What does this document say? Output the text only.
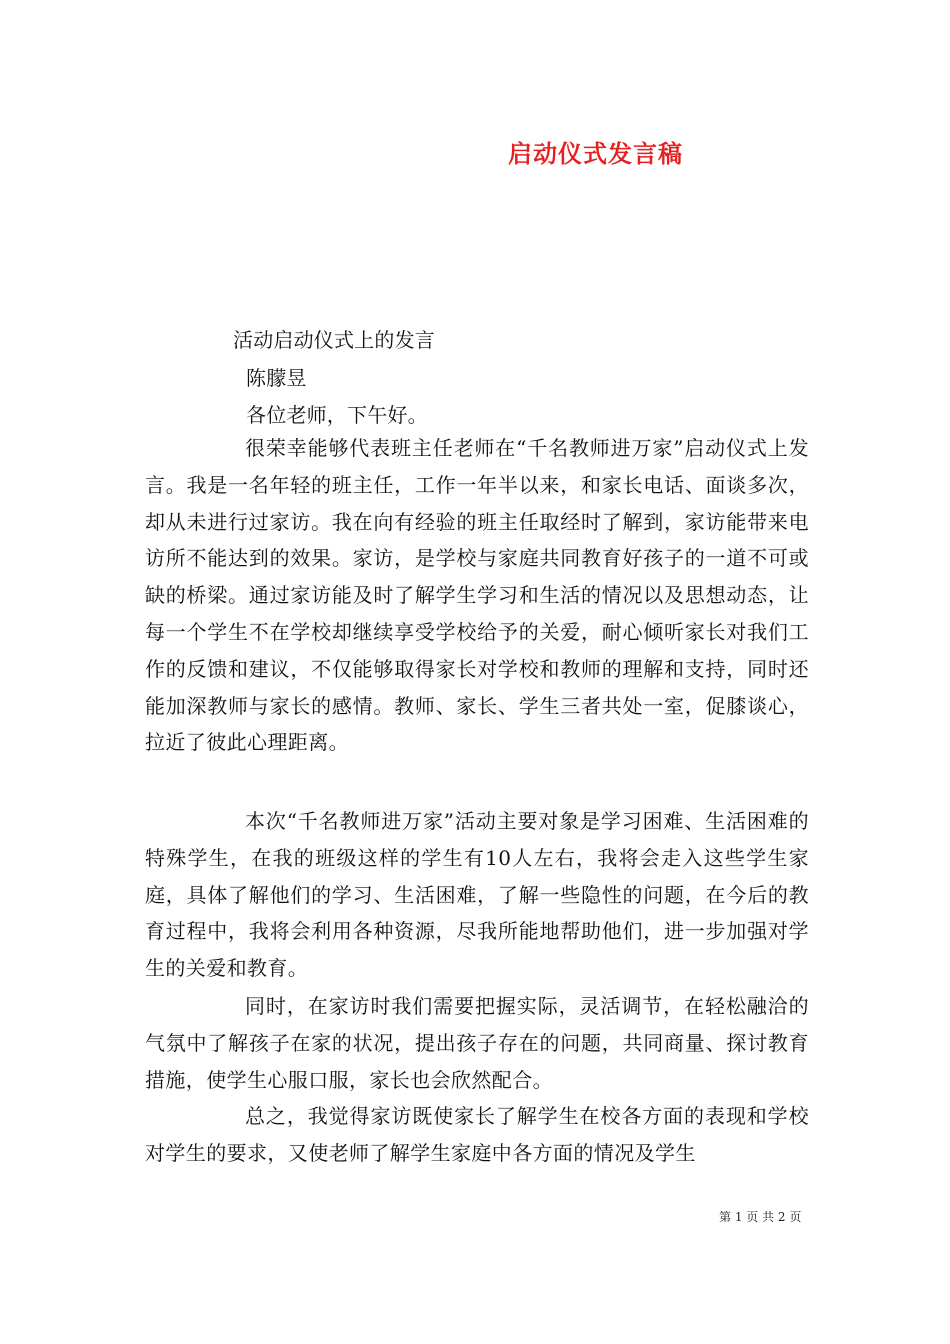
启动仪式发言稿
活动启动仪式上的发言
陈朦昱
各位老师，下午好。

很荣幸能够代表班主任老师在“千名教师进万家”启动仪式上发言。我是一名年轻的班主任，工作一年半以来，和家长电话、面谈多次，却从未进行过家访。我在向有经验的班主任取经时了解到，家访能带来电访所不能达到的效果。家访，是学校与家庭共同教育好孩子的一道不可或缺的桥梁。通过家访能及时了解学生学习和生活的情况以及思想动态，让每一个学生不在学校却继续享受学校给予的关爱，耐心倾听家长对我们工作的反馈和建议，不仅能够取得家长对学校和教师的理解和支持，同时还能加深教师与家长的感情。教师、家长、学生三者共处一室，促膝谈心，拉近了彼此心理距离。

本次“千名教师进万家”活动主要对象是学习困难、生活困难的特殊学生，在我的班级这样的学生有10人左右，我将会走入这些学生家庭，具体了解他们的学习、生活困难，了解一些隐性的问题，在今后的教育过程中，我将会利用各种资源，尽我所能地帮助他们，进一步加强对学生的关爱和教育。

同时，在家访时我们需要把握实际，灵活调节，在轻松融洽的气氛中了解孩子在家的状况，提出孩子存在的问题，共同商量、探讨教育措施，使学生心服口服，家长也会欣然配合。

总之，我觉得家访既使家长了解学生在校各方面的表现和学校对学生的要求，又使老师了解学生家庭中各方面的情况及学生

第 1 页 共 2 页
